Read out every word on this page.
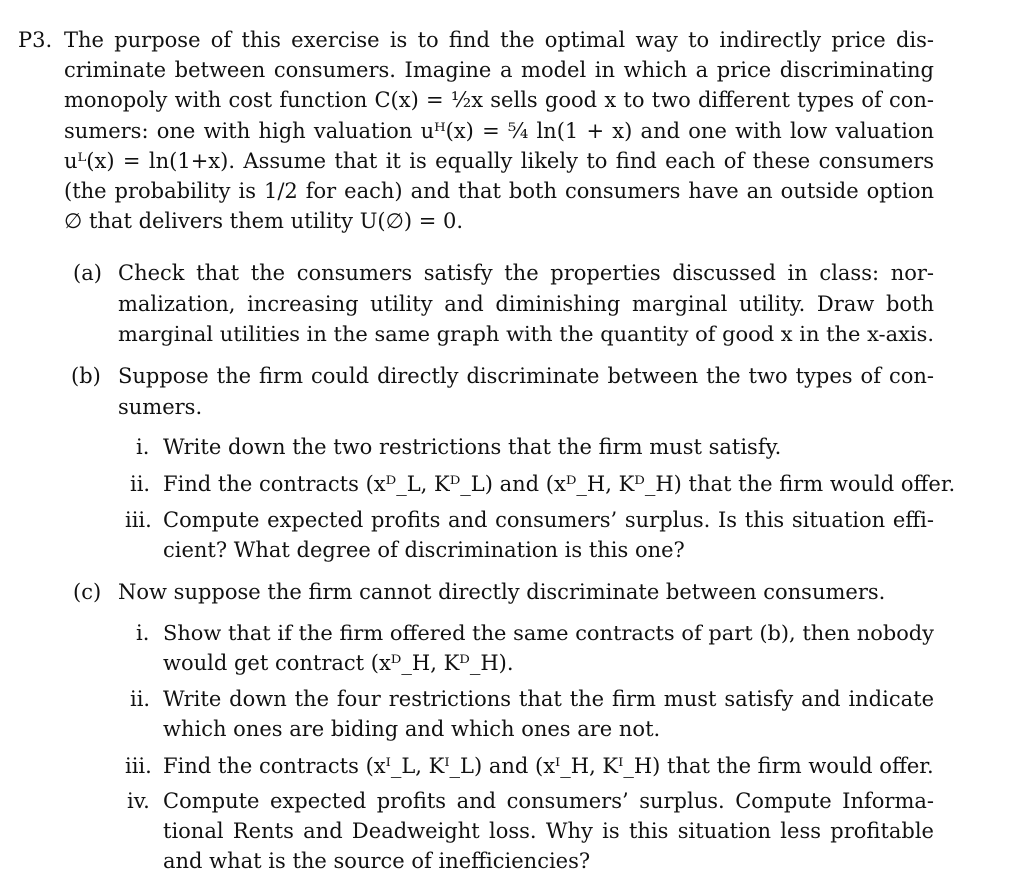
P3. The purpose of this exercise is to find the optimal way to indirectly price dis-
criminate between consumers. Imagine a model in which a price discriminating
monopoly with cost function C(x) = ½x sells good x to two different types of con-
sumers: one with high valuation uᴴ(x) = ⁵⁄₄ ln(1 + x) and one with low valuation
uᴸ(x) = ln(1+x). Assume that it is equally likely to find each of these consumers
(the probability is 1/2 for each) and that both consumers have an outside option
∅ that delivers them utility U(∅) = 0.
(a) Check that the consumers satisfy the properties discussed in class: nor-
malization, increasing utility and diminishing marginal utility. Draw both
marginal utilities in the same graph with the quantity of good x in the x-axis.
(b) Suppose the firm could directly discriminate between the two types of con-
sumers.
i. Write down the two restrictions that the firm must satisfy.
ii. Find the contracts (xᴰ_L, Kᴰ_L) and (xᴰ_H, Kᴰ_H) that the firm would offer.
iii. Compute expected profits and consumers’ surplus. Is this situation effi-
cient? What degree of discrimination is this one?
(c) Now suppose the firm cannot directly discriminate between consumers.
i. Show that if the firm offered the same contracts of part (b), then nobody
would get contract (xᴰ_H, Kᴰ_H).
ii. Write down the four restrictions that the firm must satisfy and indicate
which ones are biding and which ones are not.
iii. Find the contracts (xᴵ_L, Kᴵ_L) and (xᴵ_H, Kᴵ_H) that the firm would offer.
iv. Compute expected profits and consumers’ surplus. Compute Informa-
tional Rents and Deadweight loss. Why is this situation less profitable
and what is the source of inefficiencies?
